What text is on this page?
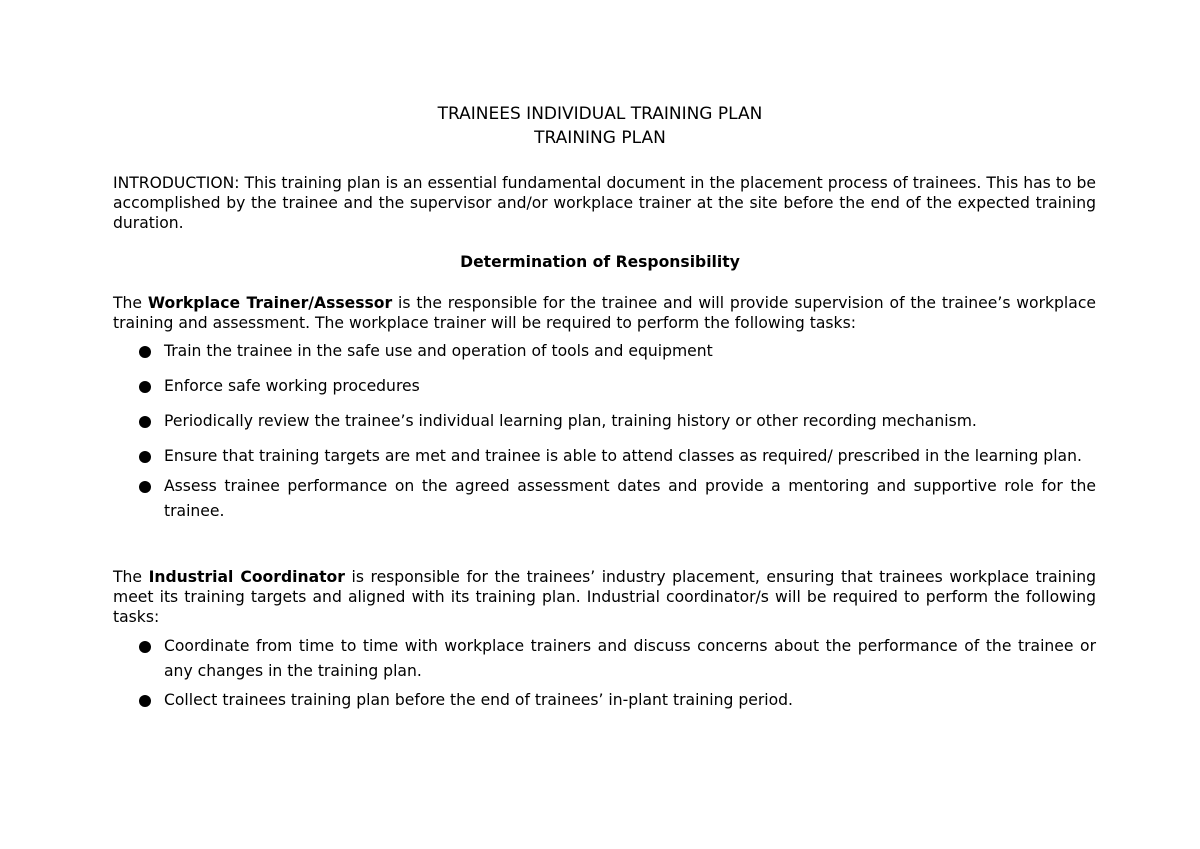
TRAINEES INDIVIDUAL TRAINING PLAN
TRAINING PLAN

INTRODUCTION: This training plan is an essential fundamental document in the placement process of trainees. This has to be accomplished by the trainee and the supervisor and/or workplace trainer at the site before the end of the expected training duration.

Determination of Responsibility

The Workplace Trainer/Assessor is the responsible for the trainee and will provide supervision of the trainee’s workplace training and assessment. The workplace trainer will be required to perform the following tasks:

Train the trainee in the safe use and operation of tools and equipment
Enforce safe working procedures
Periodically review the trainee’s individual learning plan, training history or other recording mechanism.
Ensure that training targets are met and trainee is able to attend classes as required/ prescribed in the learning plan.
Assess trainee performance on the agreed assessment dates and provide a mentoring and supportive role for the trainee.

The Industrial Coordinator is responsible for the trainees’ industry placement, ensuring that trainees workplace training meet its training targets and aligned with its training plan. Industrial coordinator/s will be required to perform the following tasks:

Coordinate from time to time with workplace trainers and discuss concerns about the performance of the trainee or any changes in the training plan.
Collect trainees training plan before the end of trainees’ in-plant training period.
